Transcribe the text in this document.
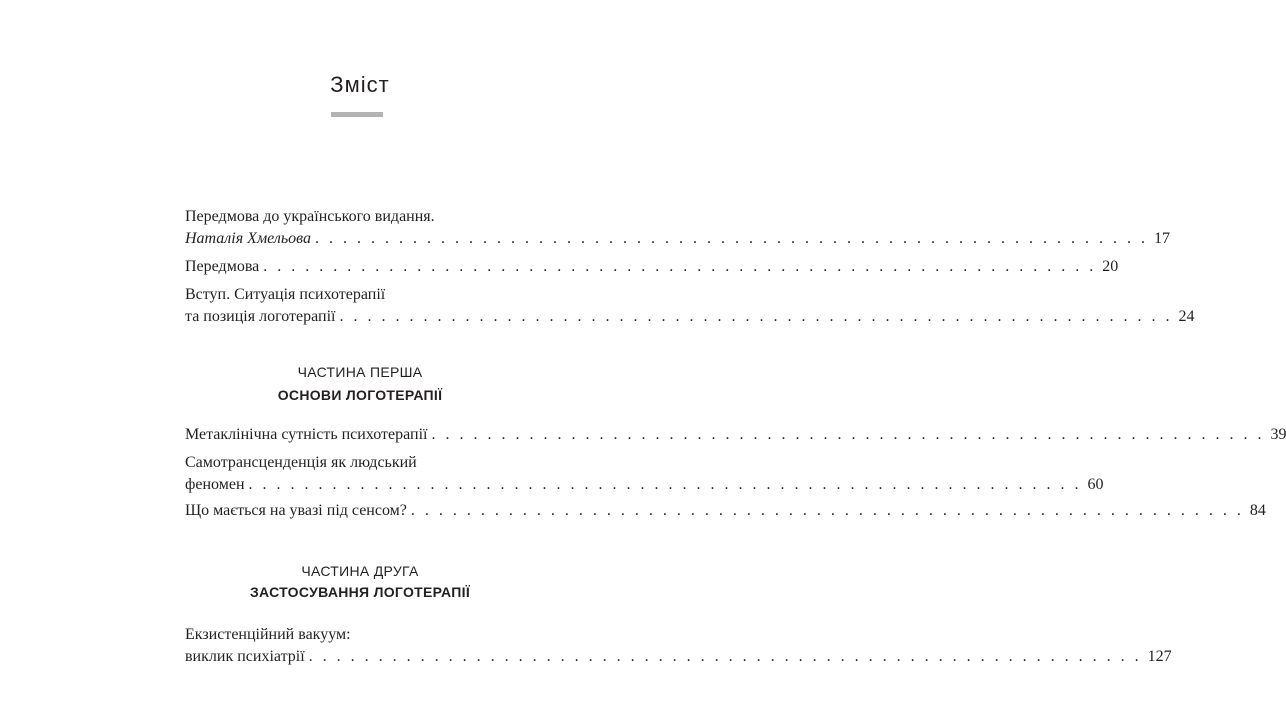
Зміст
Передмова до українського видання.
Наталія Хмельова . . . . . . . . . . . . . . . . . . . . . . . . . . . . . . . . . . . . . . . . . . . . . . . . . . . . . . . . . . . . 17
Передмова . . . . . . . . . . . . . . . . . . . . . . . . . . . . . . . . . . . . . . . . . . . . . . . . . . . . . . . . . . . . 20
Вступ. Ситуація психотерапії
та позиція логотерапії . . . . . . . . . . . . . . . . . . . . . . . . . . . . . . . . . . . . . . . . . . . . . . . . . . . . . . . . . . . . 24
ЧАСТИНА ПЕРША
ОСНОВИ ЛОГОТЕРАПІЇ
Метаклінічна сутність психотерапії . . . . . . . . . . . . . . . . . . . . . . . . . . . . . . . . . . . . . . . . . . . . . . . . . . . . . . . . . . . . 39
Самотрансценденція як людський
феномен . . . . . . . . . . . . . . . . . . . . . . . . . . . . . . . . . . . . . . . . . . . . . . . . . . . . . . . . . . . . 60
Що мається на увазі під сенсом? . . . . . . . . . . . . . . . . . . . . . . . . . . . . . . . . . . . . . . . . . . . . . . . . . . . . . . . . . . . . 84
ЧАСТИНА ДРУГА
ЗАСТОСУВАННЯ ЛОГОТЕРАПІЇ
Екзистенційний вакуум:
виклик психіатрії . . . . . . . . . . . . . . . . . . . . . . . . . . . . . . . . . . . . . . . . . . . . . . . . . . . . . . . . . . . . 127
